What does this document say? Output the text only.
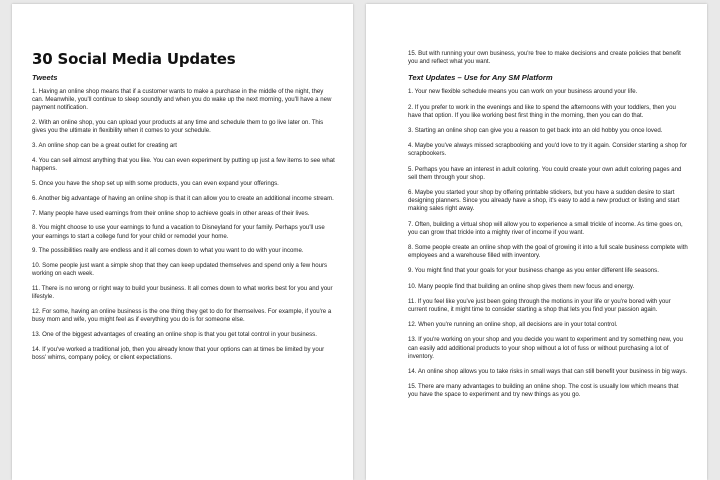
30 Social Media Updates
Tweets

1. Having an online shop means that if a customer wants to make a purchase in the middle of the night, they can. Meanwhile, you'll continue to sleep soundly and when you do wake up the next morning, you'll have a new payment notification.

2. With an online shop, you can upload your products at any time and schedule them to go live later on. This gives you the ultimate in flexibility when it comes to your schedule.

3. An online shop can be a great outlet for creating art

4. You can sell almost anything that you like. You can even experiment by putting up just a few items to see what happens.

5. Once you have the shop set up with some products, you can even expand your offerings.

6. Another big advantage of having an online shop is that it can allow you to create an additional income stream.

7. Many people have used earnings from their online shop to achieve goals in other areas of their lives.

8. You might choose to use your earnings to fund a vacation to Disneyland for your family. Perhaps you'll use your earnings to start a college fund for your child or remodel your home.

9. The possibilities really are endless and it all comes down to what you want to do with your income.

10. Some people just want a simple shop that they can keep updated themselves and spend only a few hours working on each week.

11. There is no wrong or right way to build your business. It all comes down to what works best for you and your lifestyle.

12. For some, having an online business is the one thing they get to do for themselves. For example, if you're a busy mom and wife, you might feel as if everything you do is for someone else.

13. One of the biggest advantages of creating an online shop is that you get total control in your business.

14. If you've worked a traditional job, then you already know that your options can at times be limited by your boss' whims, company policy, or client expectations.

15. But with running your own business, you're free to make decisions and create policies that benefit you and reflect what you want.

Text Updates – Use for Any SM Platform

1. Your new flexible schedule means you can work on your business around your life.

2. If you prefer to work in the evenings and like to spend the afternoons with your toddlers, then you have that option. If you like working best first thing in the morning, then you can do that.

3. Starting an online shop can give you a reason to get back into an old hobby you once loved.

4. Maybe you've always missed scrapbooking and you'd love to try it again. Consider starting a shop for scrapbookers.

5. Perhaps you have an interest in adult coloring. You could create your own adult coloring pages and sell them through your shop.

6. Maybe you started your shop by offering printable stickers, but you have a sudden desire to start designing planners. Since you already have a shop, it's easy to add a new product or listing and start making sales right away.

7. Often, building a virtual shop will allow you to experience a small trickle of income. As time goes on, you can grow that trickle into a mighty river of income if you want.

8. Some people create an online shop with the goal of growing it into a full scale business complete with employees and a warehouse filled with inventory.

9. You might find that your goals for your business change as you enter different life seasons.

10. Many people find that building an online shop gives them new focus and energy.

11. If you feel like you've just been going through the motions in your life or you're bored with your current routine, it might time to consider starting a shop that lets you find your passion again.

12. When you're running an online shop, all decisions are in your total control.

13. If you're working on your shop and you decide you want to experiment and try something new, you can easily add additional products to your shop without a lot of fuss or without purchasing a lot of inventory.

14. An online shop allows you to take risks in small ways that can still benefit your business in big ways.

15. There are many advantages to building an online shop. The cost is usually low which means that you have the space to experiment and try new things as you go.
